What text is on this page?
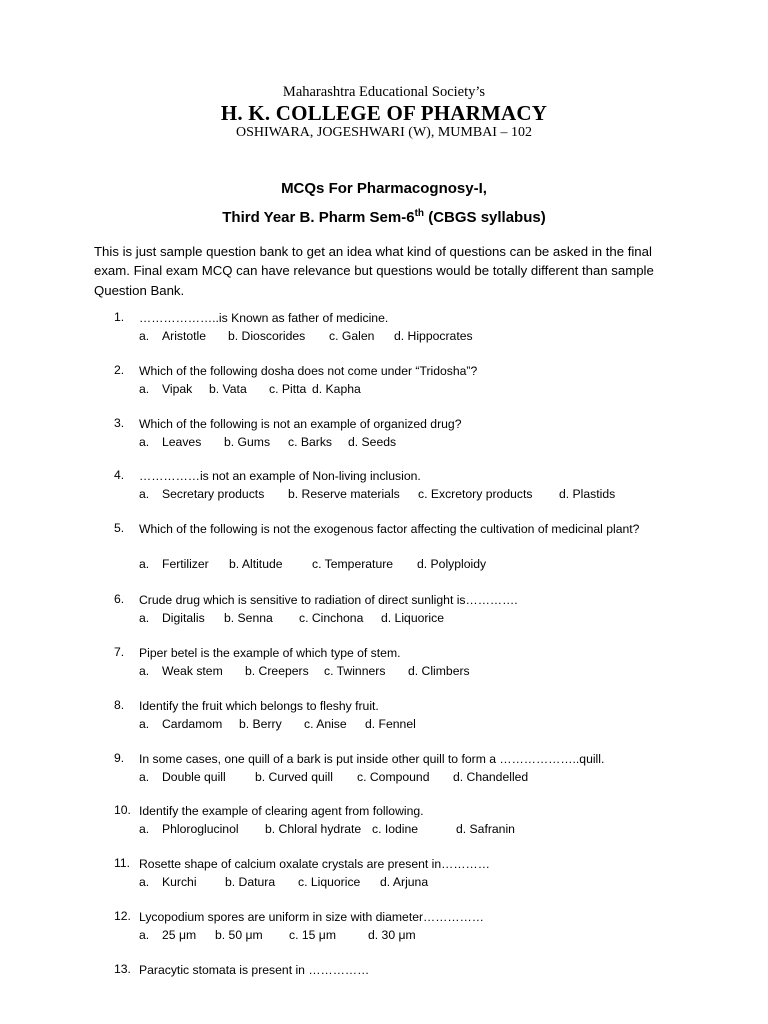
Maharashtra Educational Society’s
H. K. COLLEGE OF PHARMACY
OSHIWARA, JOGESHWARI (W), MUMBAI – 102
MCQs For Pharmacognosy-I,
Third Year B. Pharm Sem-6th (CBGS syllabus)
This is just sample question bank to get an idea what kind of questions can be asked in the final exam. Final exam MCQ can have relevance but questions would be totally different than sample Question Bank.
1. ………………..is Known as father of medicine.
a. Aristotle b. Dioscorides c. Galen d. Hippocrates
2. Which of the following dosha does not come under “Tridosha”?
a. Vipak b. Vata c. Pitta d. Kapha
3. Which of the following is not an example of organized drug?
a. Leaves b. Gums c. Barks d. Seeds
4. ……………is not an example of Non-living inclusion.
a. Secretary products b. Reserve materials c. Excretory products d. Plastids
5. Which of the following is not the exogenous factor affecting the cultivation of medicinal plant?
a. Fertilizer b. Altitude c. Temperature d. Polyploidy
6. Crude drug which is sensitive to radiation of direct sunlight is………….
a. Digitalis b. Senna c. Cinchona d. Liquorice
7. Piper betel is the example of which type of stem.
a. Weak stem b. Creepers c. Twinners d. Climbers
8. Identify the fruit which belongs to fleshy fruit.
a. Cardamom b. Berry c. Anise d. Fennel
9. In some cases, one quill of a bark is put inside other quill to form a ………………..quill.
a. Double quill b. Curved quill c. Compound d. Chandelled
10. Identify the example of clearing agent from following.
a. Phloroglucinol b. Chloral hydrate c. Iodine	d. Safranin
11. Rosette shape of calcium oxalate crystals are present in…………
a. Kurchi b. Datura c. Liquorice d. Arjuna
12. Lycopodium spores are uniform in size with diameter……………
a. 25 μm b. 50 μm c. 15 μm	d. 30 μm
13. Paracytic stomata is present in ……………
